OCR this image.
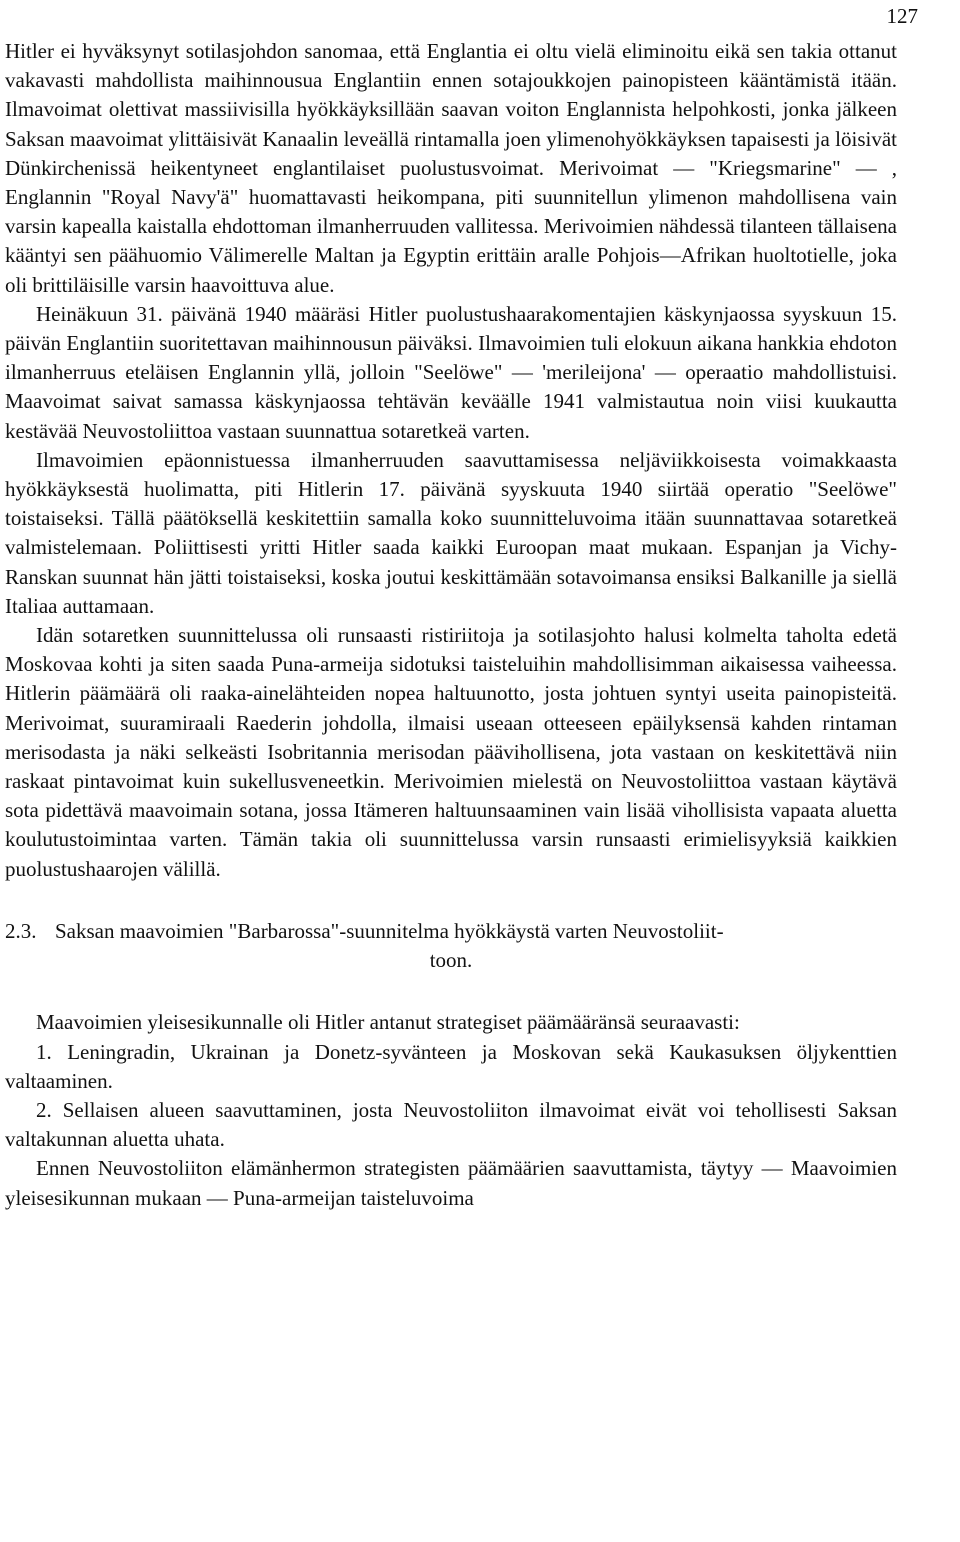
127

Hitler ei hyväksynyt sotilasjohdon sanomaa, että Englantia ei oltu vielä eliminoitu eikä sen takia ottanut vakavasti mahdollista maihinnousua Englantiin ennen sotajoukkojen painopisteen kääntämistä itään. Ilmavoimat olettivat massiivisilla hyökkäyksillään saavan voiton Englannista helpohkosti, jonka jälkeen Saksan maavoimat ylittäisivät Kanaalin leveällä rintamalla joen ylimenohyökkäyksen tapaisesti ja löisivät Dünkirchenissä heikentyneet englantilaiset puolustusvoimat. Merivoimat — "Kriegsmarine" — , Englannin "Royal Navy'ä" huomattavasti heikompana, piti suunnitellun ylimenon mahdollisena vain varsin kapealla kaistalla ehdottoman ilmanherruuden vallitessa. Merivoimien nähdessä tilanteen tällaisena kääntyi sen päähuomio Välimerelle Maltan ja Egyptin erittäin aralle Pohjois—Afrikan huoltotielle, joka oli brittiläisille varsin haavoittuva alue.

Heinäkuun 31. päivänä 1940 määräsi Hitler puolustushaarakomentajien käskynjaossa syyskuun 15. päivän Englantiin suoritettavan maihinnousun päiväksi. Ilmavoimien tuli elokuun aikana hankkia ehdoton ilmanherruus eteläisen Englannin yllä, jolloin "Seelöwe" — 'merileijona' — operaatio mahdollistuisi. Maavoimat saivat samassa käskynjaossa tehtävän keväälle 1941 valmistautua noin viisi kuukautta kestävää Neuvostoliittoa vastaan suunnattua sotaretkeä varten.

Ilmavoimien epäonnistuessa ilmanherruuden saavuttamisessa neljäviikkoisesta voimakkaasta hyökkäyksestä huolimatta, piti Hitlerin 17. päivänä syyskuuta 1940 siirtää operatio "Seelöwe" toistaiseksi. Tällä päätöksellä keskitettiin samalla koko suunnitteluvoima itään suunnattavaa sotaretkeä valmistelemaan. Poliittisesti yritti Hitler saada kaikki Euroopan maat mukaan. Espanjan ja Vichy-Ranskan suunnat hän jätti toistaiseksi, koska joutui keskittämään sotavoimansa ensiksi Balkanille ja siellä Italiaa auttamaan.

Idän sotaretken suunnittelussa oli runsaasti ristiriitoja ja sotilasjohto halusi kolmelta taholta edetä Moskovaa kohti ja siten saada Puna-armeija sidotuksi taisteluihin mahdollisimman aikaisessa vaiheessa. Hitlerin päämäärä oli raaka-ainelähteiden nopea haltuunotto, josta johtuen syntyi useita painopisteitä. Merivoimat, suuramiraali Raederin johdolla, ilmaisi useaan otteeseen epäilyksensä kahden rintaman merisodasta ja näki selkeästi Isobritannia merisodan päävihollisena, jota vastaan on keskitettävä niin raskaat pintavoimat kuin sukellusveneetkin. Merivoimien mielestä on Neuvostoliittoa vastaan käytävä sota pidettävä maavoimain sotana, jossa Itämeren haltuunsaaminen vain lisää vihollisista vapaata aluetta koulutustoimintaa varten. Tämän takia oli suunnittelussa varsin runsaasti erimielisyyksiä kaikkien puolustushaarojen välillä.

2.3. Saksan maavoimien "Barbarossa"-suunnitelma hyökkäystä varten Neuvostoliit-
toon.

Maavoimien yleisesikunnalle oli Hitler antanut strategiset päämääränsä seuraavasti:

1. Leningradin, Ukrainan ja Donetz-syvänteen ja Moskovan sekä Kaukasuksen öljykenttien valtaaminen.

2. Sellaisen alueen saavuttaminen, josta Neuvostoliiton ilmavoimat eivät voi tehollisesti Saksan valtakunnan aluetta uhata.

Ennen Neuvostoliiton elämänhermon strategisten päämäärien saavuttamista, täytyy — Maavoimien yleisesikunnan mukaan — Puna-armeijan taisteluvoima
